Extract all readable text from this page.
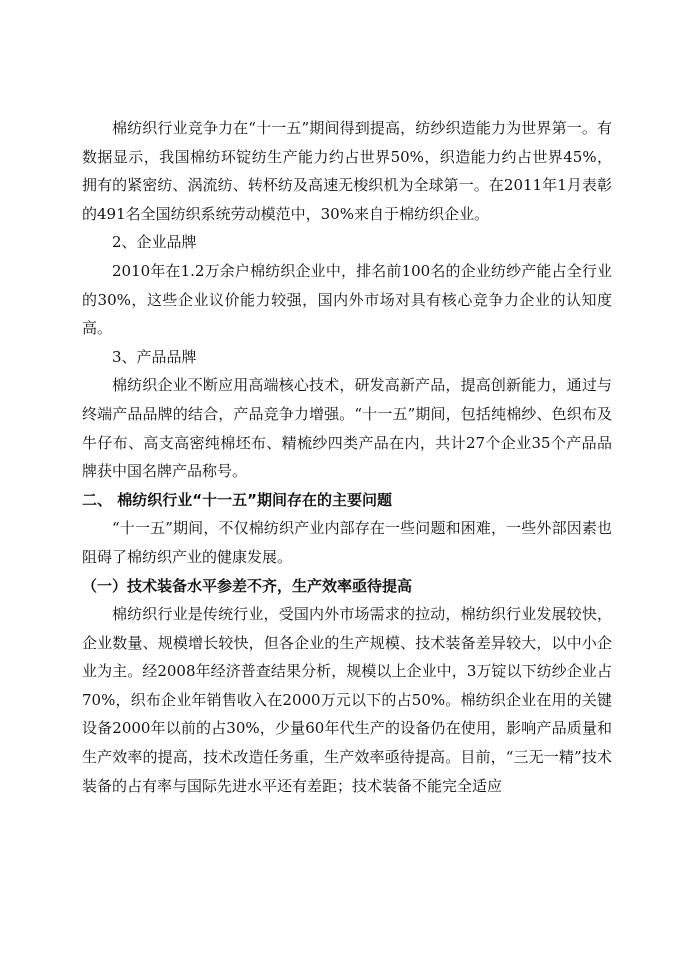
棉纺织行业竞争力在“十一五”期间得到提高，纺纱织造能力为世界第一。有数据显示，我国棉纺环锭纺生产能力约占世界50%，织造能力约占世界45%，拥有的紧密纺、涡流纺、转杯纺及高速无梭织机为全球第一。在2011年1月表彰的491名全国纺织系统劳动模范中，30%来自于棉纺织企业。

2、企业品牌

2010年在1.2万余户棉纺织企业中，排名前100名的企业纺纱产能占全行业的30%，这些企业议价能力较强，国内外市场对具有核心竞争力企业的认知度高。

3、产品品牌

棉纺织企业不断应用高端核心技术，研发高新产品，提高创新能力，通过与终端产品品牌的结合，产品竞争力增强。“十一五”期间，包括纯棉纱、色织布及牛仔布、高支高密纯棉坯布、精梳纱四类产品在内，共计27个企业35个产品品牌获中国名牌产品称号。

二、 棉纺织行业“十一五”期间存在的主要问题

“十一五”期间，不仅棉纺织产业内部存在一些问题和困难，一些外部因素也阻碍了棉纺织产业的健康发展。

（一）技术装备水平参差不齐，生产效率亟待提高

棉纺织行业是传统行业，受国内外市场需求的拉动，棉纺织行业发展较快，企业数量、规模增长较快，但各企业的生产规模、技术装备差异较大，以中小企业为主。经2008年经济普查结果分析，规模以上企业中，3万锭以下纺纱企业占70%，织布企业年销售收入在2000万元以下的占50%。棉纺织企业在用的关键设备2000年以前的占30%，少量60年代生产的设备仍在使用，影响产品质量和生产效率的提高，技术改造任务重，生产效率亟待提高。目前，“三无一精”技术装备的占有率与国际先进水平还有差距；技术装备不能完全适应
